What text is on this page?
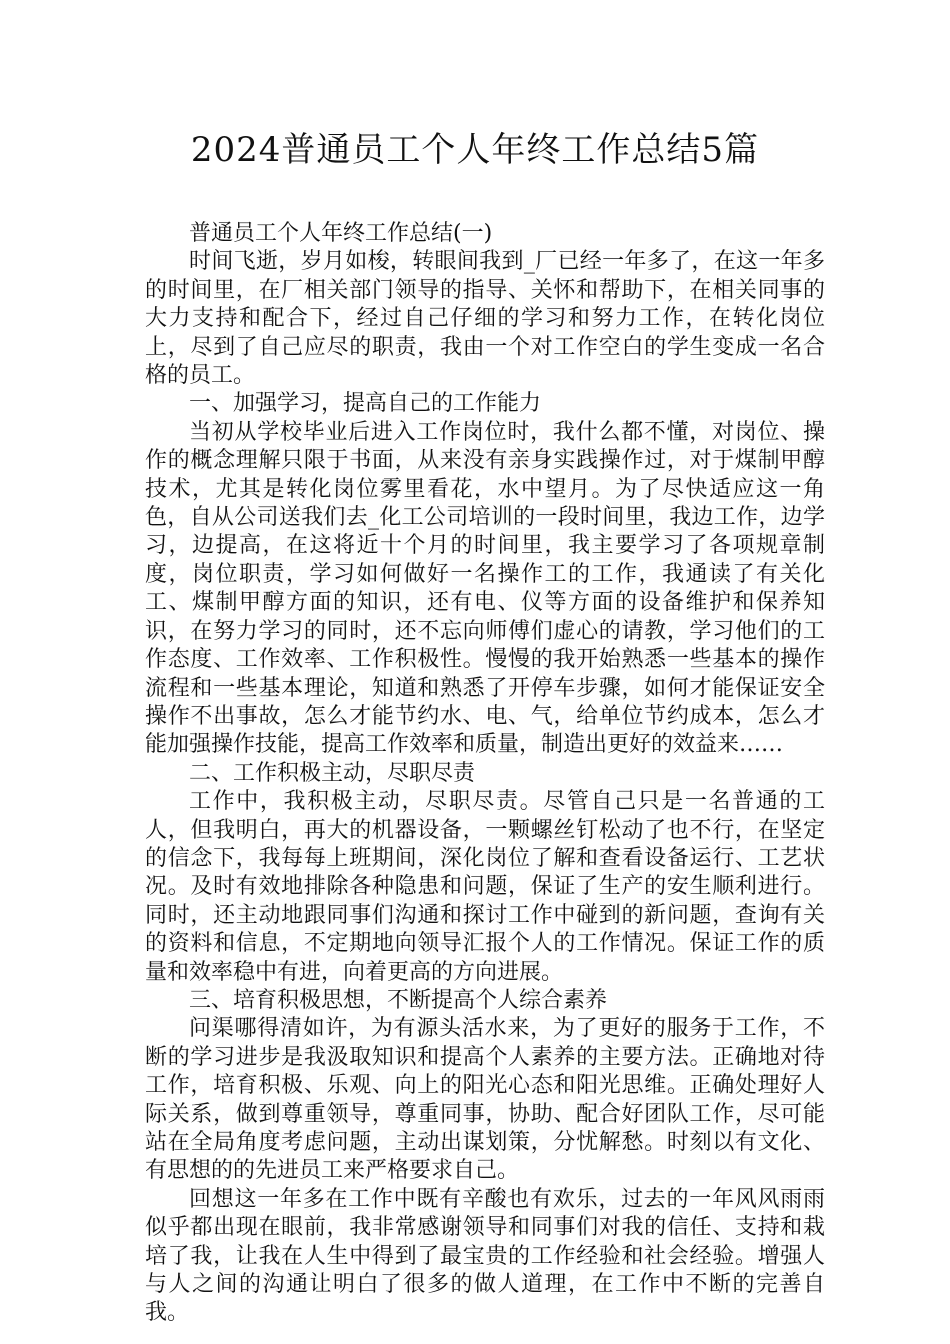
2024普通员工个人年终工作总结5篇

普通员工个人年终工作总结(一)

时间飞逝，岁月如梭，转眼间我到_厂已经一年多了，在这一年多的时间里，在厂相关部门领导的指导、关怀和帮助下，在相关同事的大力支持和配合下，经过自己仔细的学习和努力工作，在转化岗位上，尽到了自己应尽的职责，我由一个对工作空白的学生变成一名合格的员工。

一、加强学习，提高自己的工作能力

当初从学校毕业后进入工作岗位时，我什么都不懂，对岗位、操作的概念理解只限于书面，从来没有亲身实践操作过，对于煤制甲醇技术，尤其是转化岗位雾里看花，水中望月。为了尽快适应这一角色，自从公司送我们去_化工公司培训的一段时间里，我边工作，边学习，边提高，在这将近十个月的时间里，我主要学习了各项规章制度，岗位职责，学习如何做好一名操作工的工作，我通读了有关化工、煤制甲醇方面的知识，还有电、仪等方面的设备维护和保养知识，在努力学习的同时，还不忘向师傅们虚心的请教，学习他们的工作态度、工作效率、工作积极性。慢慢的我开始熟悉一些基本的操作流程和一些基本理论，知道和熟悉了开停车步骤，如何才能保证安全操作不出事故，怎么才能节约水、电、气，给单位节约成本，怎么才能加强操作技能，提高工作效率和质量，制造出更好的效益来……

二、工作积极主动，尽职尽责

工作中，我积极主动，尽职尽责。尽管自己只是一名普通的工人，但我明白，再大的机器设备，一颗螺丝钉松动了也不行，在坚定的信念下，我每每上班期间，深化岗位了解和查看设备运行、工艺状况。及时有效地排除各种隐患和问题，保证了生产的安生顺利进行。同时，还主动地跟同事们沟通和探讨工作中碰到的新问题，查询有关的资料和信息，不定期地向领导汇报个人的工作情况。保证工作的质量和效率稳中有进，向着更高的方向进展。

三、培育积极思想，不断提高个人综合素养

问渠哪得清如许，为有源头活水来，为了更好的服务于工作，不断的学习进步是我汲取知识和提高个人素养的主要方法。正确地对待工作，培育积极、乐观、向上的阳光心态和阳光思维。正确处理好人际关系，做到尊重领导，尊重同事，协助、配合好团队工作，尽可能站在全局角度考虑问题，主动出谋划策，分忧解愁。时刻以有文化、有思想的的先进员工来严格要求自己。

回想这一年多在工作中既有辛酸也有欢乐，过去的一年风风雨雨似乎都出现在眼前，我非常感谢领导和同事们对我的信任、支持和栽培了我，让我在人生中得到了最宝贵的工作经验和社会经验。增强人与人之间的沟通让明白了很多的做人道理，在工作中不断的完善自我。
